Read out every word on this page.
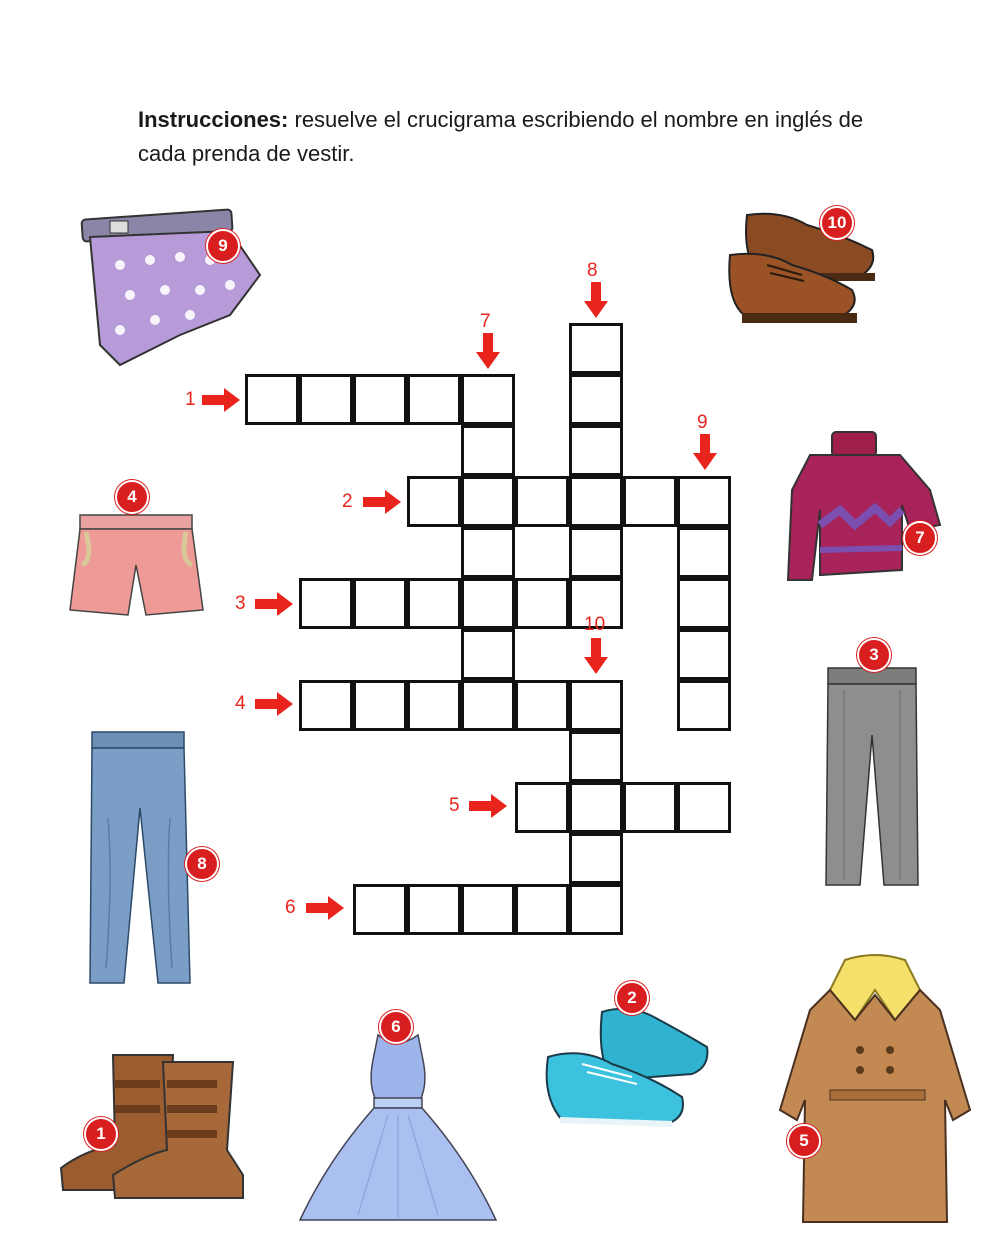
Instrucciones: resuelve el crucigrama escribiendo el nombre en inglés de cada prenda de vestir.
1
2
3
4
5
6
7
8
9
10
9
10
4
7
3
8
1
6
2
5
